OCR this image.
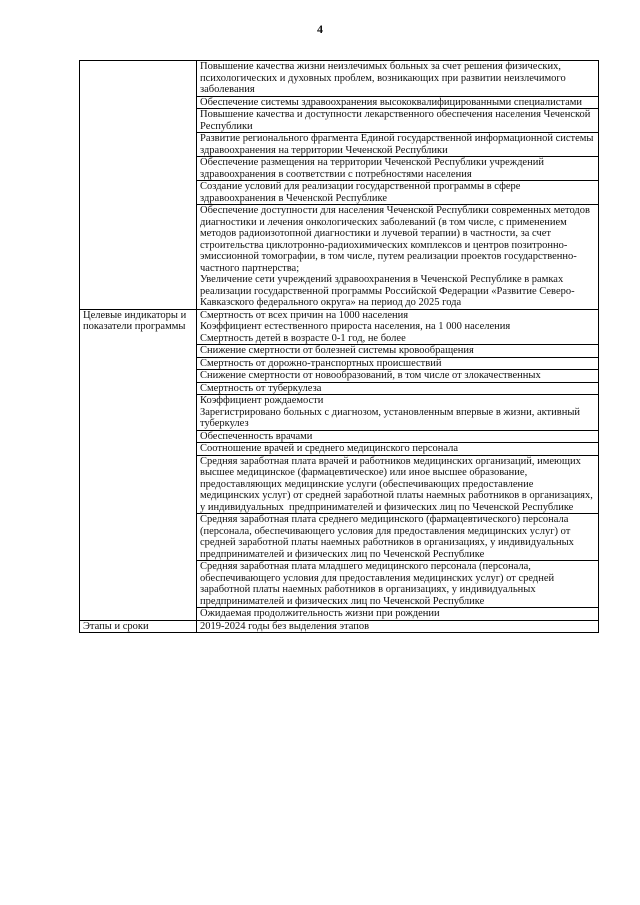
4
	Повышение качества жизни неизлечимых больных за счет решения физических, психологических и духовных проблем, возникающих при развитии неизлечимого заболевания
	Обеспечение системы здравоохранения высококвалифицированными специалистами
	Повышение качества и доступности лекарственного обеспечения населения Чеченской Республики
	Развитие регионального фрагмента Единой государственной информационной системы здравоохранения на территории Чеченской Республики
	Обеспечение размещения на территории Чеченской Республики учреждений здравоохранения в соответствии с потребностями населения
	Создание условий для реализации государственной программы в сфере здравоохранения в Чеченской Республике
	Обеспечение доступности для населения Чеченской Республики современных методов диагностики и лечения онкологических заболеваний (в том числе, с применением методов радиоизотопной диагностики и лучевой терапии) в частности, за счет строительства циклотронно-радиохимических комплексов и центров позитронно-эмиссионной томографии, в том числе, путем реализации проектов государственно-частного партнерства;
Увеличение сети учреждений здравоохранения в Чеченской Республике в рамках реализации государственной программы Российской Федерации «Развитие Северо-Кавказского федерального округа» на период до 2025 года
Целевые индикаторы и показатели программы	Смертность от всех причин на 1000 населения
Коэффициент естественного прироста населения, на 1 000 населения
Смертность детей в возрасте 0-1 год, не более
	Снижение смертности от болезней системы кровообращения
	Смертность от дорожно-транспортных происшествий
	Снижение смертности от новообразований, в том числе от злокачественных
	Смертность от туберкулеза
	Коэффициент рождаемости
Зарегистрировано больных с диагнозом, установленным впервые в жизни, активный туберкулез
	Обеспеченность врачами
	Соотношение врачей и среднего медицинского персонала
	Средняя заработная плата врачей и работников медицинских организаций, имеющих высшее медицинское (фармацевтическое) или иное высшее образование, предоставляющих медицинские услуги (обеспечивающих предоставление медицинских услуг) от средней заработной платы наемных работников в организациях, у индивидуальных  предпринимателей и физических лиц по Чеченской Республике
	Средняя заработная плата среднего медицинского (фармацевтического) персонала (персонала, обеспечивающего условия для предоставления медицинских услуг) от средней заработной платы наемных работников в организациях, у индивидуальных  предпринимателей и физических лиц по Чеченской Республике
	Средняя заработная плата младшего медицинского персонала (персонала, обеспечивающего условия для предоставления медицинских услуг) от средней заработной платы наемных работников в организациях, у индивидуальных предпринимателей и физических лиц по Чеченской Республике
	Ожидаемая продолжительность жизни при рождении
Этапы и сроки	2019-2024 годы без выделения этапов
